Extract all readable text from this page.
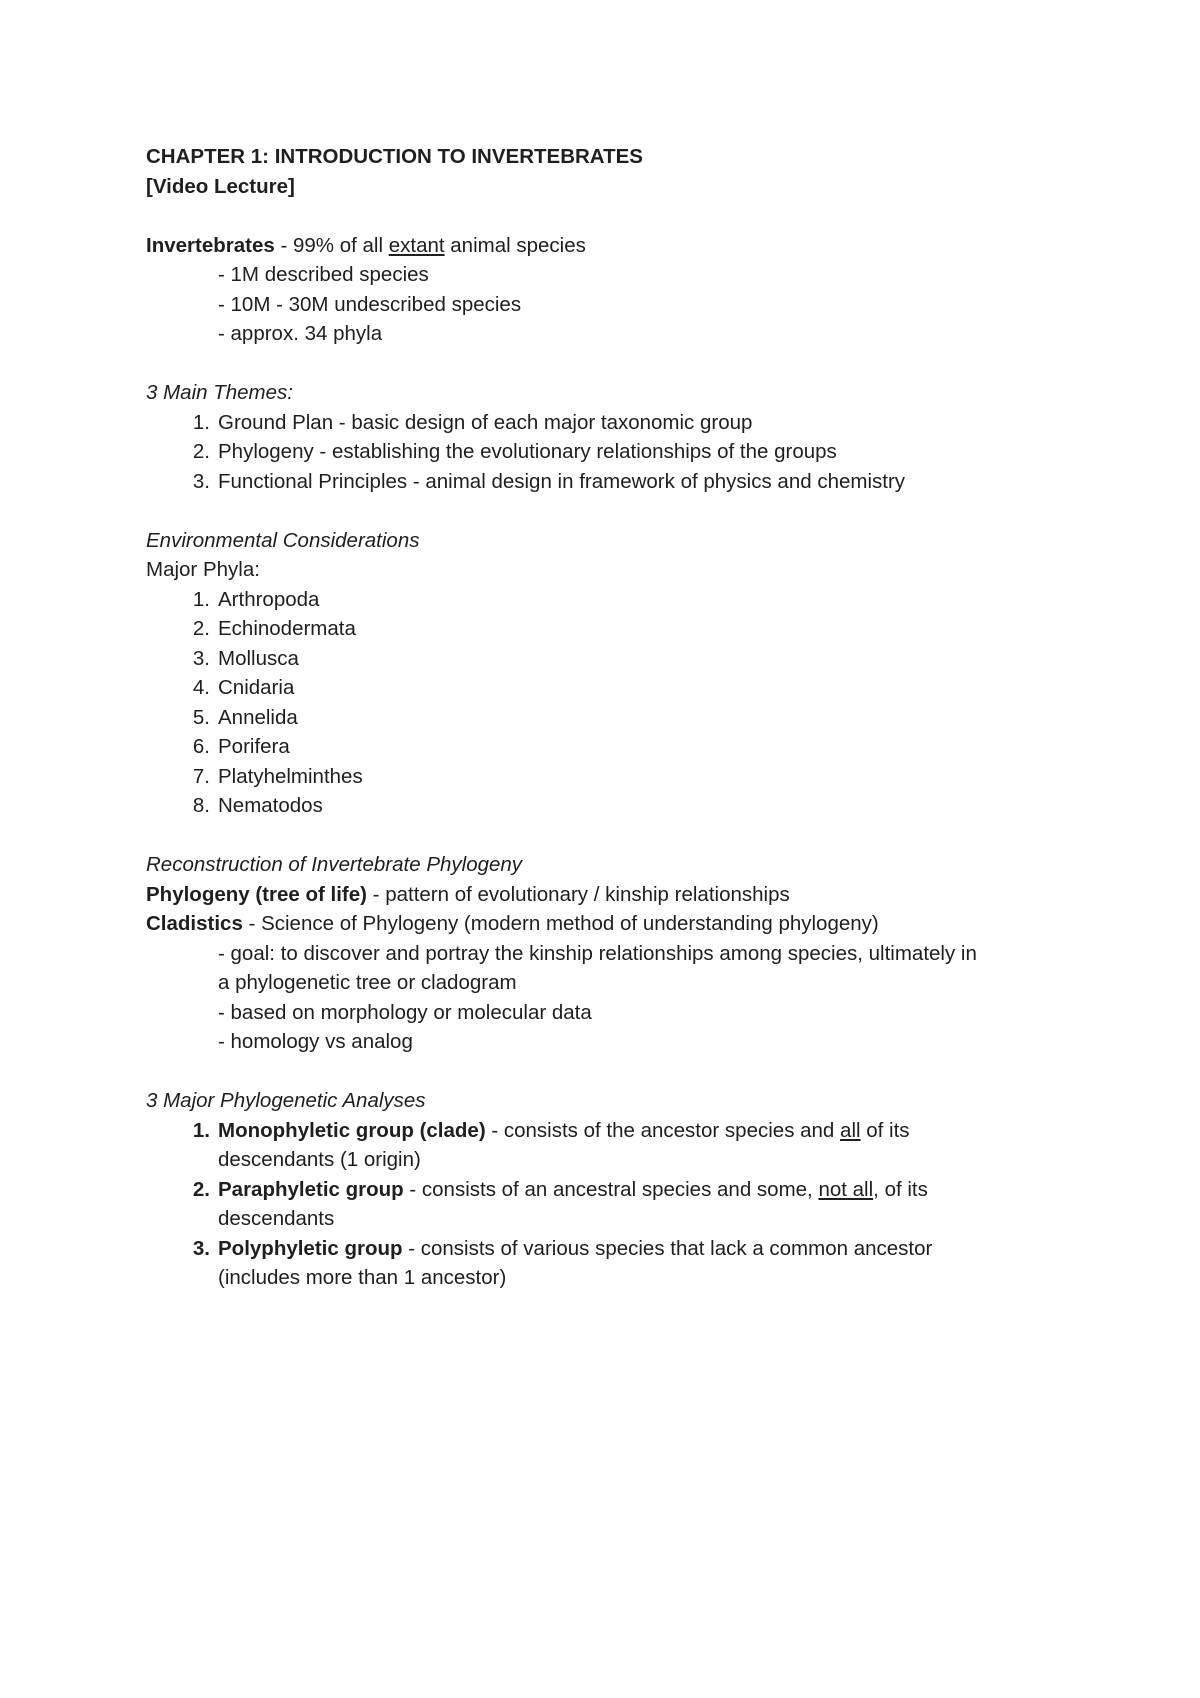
CHAPTER 1: INTRODUCTION TO INVERTEBRATES

[Video Lecture]

Invertebrates - 99% of all extant animal species

- 1M described species

- 10M - 30M undescribed species

- approx. 34 phyla

3 Main Themes:

1. Ground Plan - basic design of each major taxonomic group
2. Phylogeny - establishing the evolutionary relationships of the groups
3. Functional Principles - animal design in framework of physics and chemistry

Environmental Considerations

Major Phyla:

1. Arthropoda
2. Echinodermata
3. Mollusca
4. Cnidaria
5. Annelida
6. Porifera
7. Platyhelminthes
8. Nematodos

Reconstruction of Invertebrate Phylogeny

Phylogeny (tree of life) - pattern of evolutionary / kinship relationships

Cladistics - Science of Phylogeny (modern method of understanding phylogeny)

- goal: to discover and portray the kinship relationships among species, ultimately in a phylogenetic tree or cladogram

- based on morphology or molecular data

- homology vs analog

3 Major Phylogenetic Analyses

1. Monophyletic group (clade) - consists of the ancestor species and all of its descendants (1 origin)
2. Paraphyletic group - consists of an ancestral species and some, not all, of its descendants
3. Polyphyletic group - consists of various species that lack a common ancestor (includes more than 1 ancestor)
